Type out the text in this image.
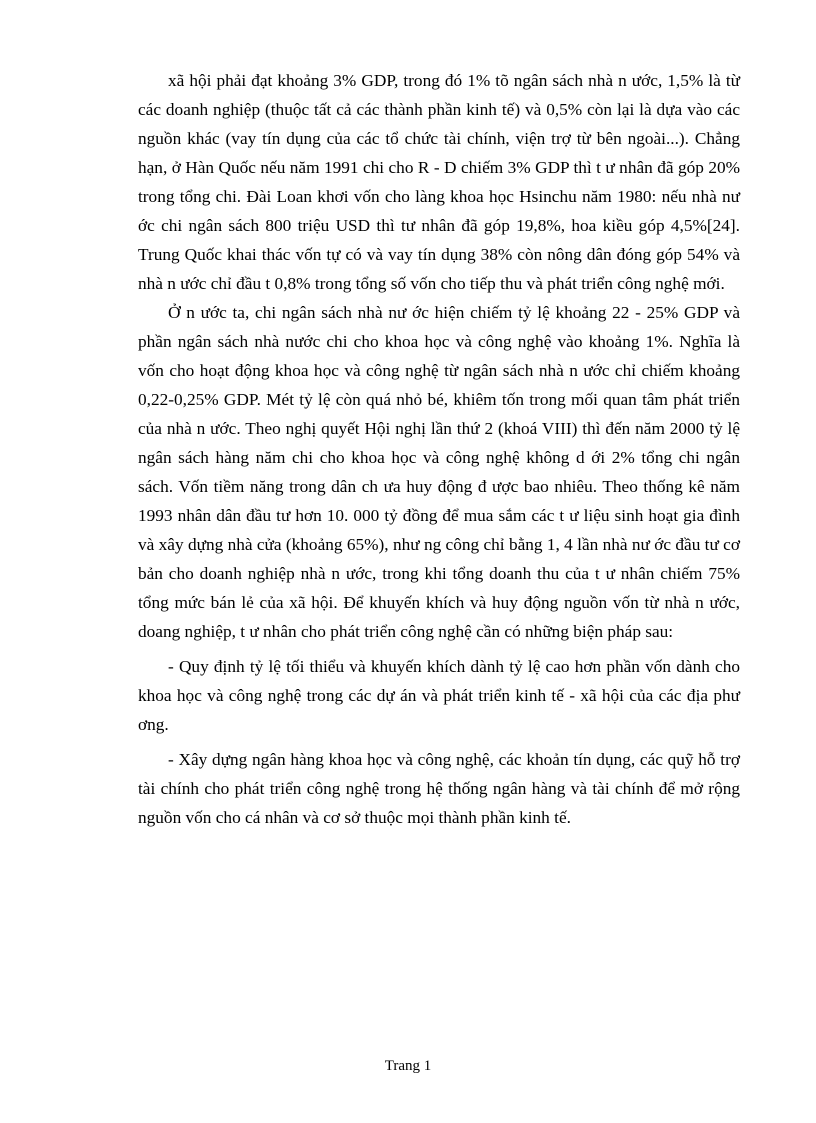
xã hội phải đạt khoảng 3% GDP, trong đó 1% tõ ngân sách nhà n ước, 1,5% là từ các doanh nghiệp (thuộc tất cả các thành phần kinh tế) và 0,5% còn lại là dựa vào các nguồn khác (vay tín dụng của các tổ chức tài chính, viện trợ từ bên ngoài...). Chẳng hạn, ở Hàn Quốc nếu năm 1991 chi cho R - D chiếm 3% GDP thì t ư nhân đã góp 20% trong tổng chi. Đài Loan khơi vốn cho làng khoa học Hsinchu năm 1980: nếu nhà nư ớc chi ngân sách 800 triệu USD thì tư nhân đã góp 19,8%, hoa kiều góp 4,5%[24]. Trung Quốc khai thác vốn tự có và vay tín dụng 38% còn nông dân đóng góp 54% và nhà n ước chỉ đầu t 0,8% trong tổng số vốn cho tiếp thu và phát triển công nghệ mới.

Ở n ước ta, chi ngân sách nhà nư ớc hiện chiếm tỷ lệ khoảng 22 - 25% GDP và phần ngân sách nhà nước chi cho khoa học và công nghệ vào khoảng 1%. Nghĩa là vốn cho hoạt động khoa học và công nghệ từ ngân sách nhà n ước chỉ chiếm khoảng 0,22-0,25% GDP. Mét tỷ lệ còn quá nhỏ bé, khiêm tốn trong mối quan tâm phát triển của nhà n ước. Theo nghị quyết Hội nghị lần thứ 2 (khoá VIII) thì đến năm 2000 tỷ lệ ngân sách hàng năm chi cho khoa học và công nghệ không d ới 2% tổng chi ngân sách. Vốn tiềm năng trong dân ch ưa huy động đ ược bao nhiêu. Theo thống kê năm 1993 nhân dân đầu tư hơn 10. 000 tỷ đồng để mua sắm các t ư liệu sinh hoạt gia đình và xây dựng nhà cửa (khoảng 65%), như ng công chỉ bằng 1, 4 lần nhà nư ớc đầu tư cơ bản cho doanh nghiệp nhà n ước, trong khi tổng doanh thu của t ư nhân chiếm 75% tổng mức bán lẻ của xã hội. Để khuyến khích và huy động nguồn vốn từ nhà n ước, doang nghiệp, t ư nhân cho phát triển công nghệ cần có những biện pháp sau:

- Quy định tỷ lệ tối thiểu và khuyến khích dành tỷ lệ cao hơn phần vốn dành cho khoa học và công nghệ trong các dự án và phát triển kinh tế - xã hội của các địa phư ơng.

- Xây dựng ngân hàng khoa học và công nghệ, các khoản tín dụng, các quỹ hỗ trợ tài chính cho phát triển công nghệ trong hệ thống ngân hàng và tài chính để mở rộng nguồn vốn cho cá nhân và cơ sở thuộc mọi thành phần kinh tế.

Trang 1
